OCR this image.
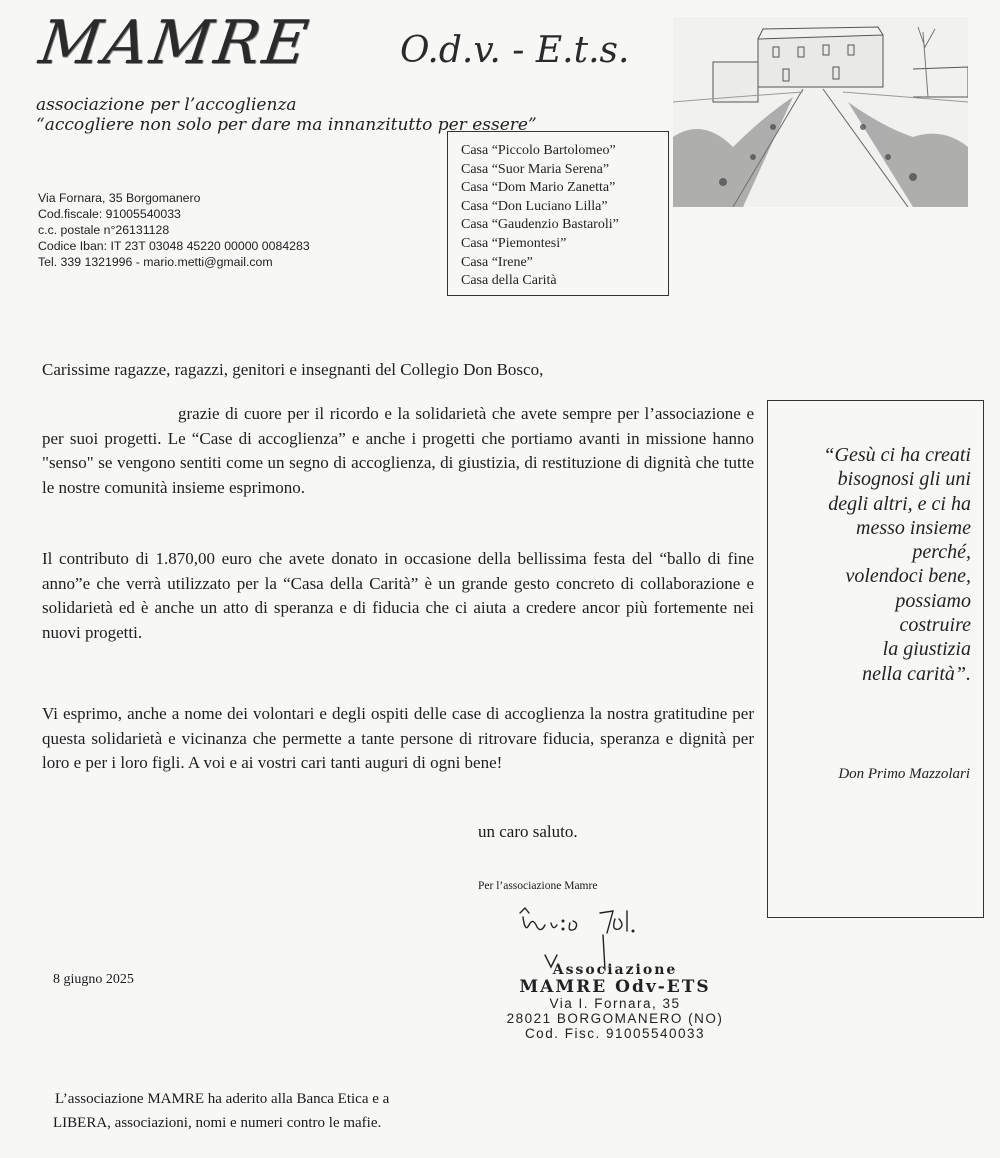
MAMRE O.d.v. - E.t.s.
associazione per l’accoglienza
“accogliere non solo per dare ma innanzitutto per essere”
Via Fornara, 35 Borgomanero
Cod.fiscale: 91005540033
c.c. postale n°26131128
Codice Iban: IT 23T 03048 45220 00000 0084283
Tel. 339 1321996 - mario.metti@gmail.com
Casa “Piccolo Bartolomeo”
Casa “Suor Maria Serena”
Casa “Dom Mario Zanetta”
Casa “Don Luciano Lilla”
Casa “Gaudenzio Bastaroli”
Casa “Piemontesi”
Casa “Irene”
Casa della Carità
Carissime ragazze, ragazzi, genitori e insegnanti del Collegio Don Bosco,
grazie di cuore per il ricordo e la solidarietà che avete sempre per l’associazione e per suoi progetti. Le “Case di accoglienza” e anche i progetti che portiamo avanti in missione hanno "senso" se vengono sentiti come un segno di accoglienza, di giustizia, di restituzione di dignità che tutte le nostre comunità insieme esprimono.
Il contributo di 1.870,00 euro che avete donato in occasione della bellissima festa del “ballo di fine anno”e che verrà utilizzato per la “Casa della Carità” è un grande gesto concreto di collaborazione e solidarietà ed è anche un atto di speranza e di fiducia che ci aiuta a credere ancor più fortemente nei nuovi progetti.
Vi esprimo, anche a nome dei volontari e degli ospiti delle case di accoglienza la nostra gratitudine per questa solidarietà e vicinanza che permette a tante persone di ritrovare fiducia, speranza e dignità per loro e per i loro figli. A voi e ai vostri cari tanti auguri di ogni bene!
un caro saluto.
Per l’associazione Mamre
Associazione
MAMRE Odv-ETS
Via I. Fornara, 35
28021 BORGOMANERO (NO)
Cod. Fisc. 91005540033
8 giugno 2025
L’associazione MAMRE ha aderito alla Banca Etica e a
LIBERA, associazioni, nomi e numeri contro le mafie.
“Gesù ci ha creati
bisognosi gli uni
degli altri, e ci ha
messo insieme
perché,
volendoci bene,
possiamo
costruire
la giustizia
nella carità”.
Don Primo Mazzolari
